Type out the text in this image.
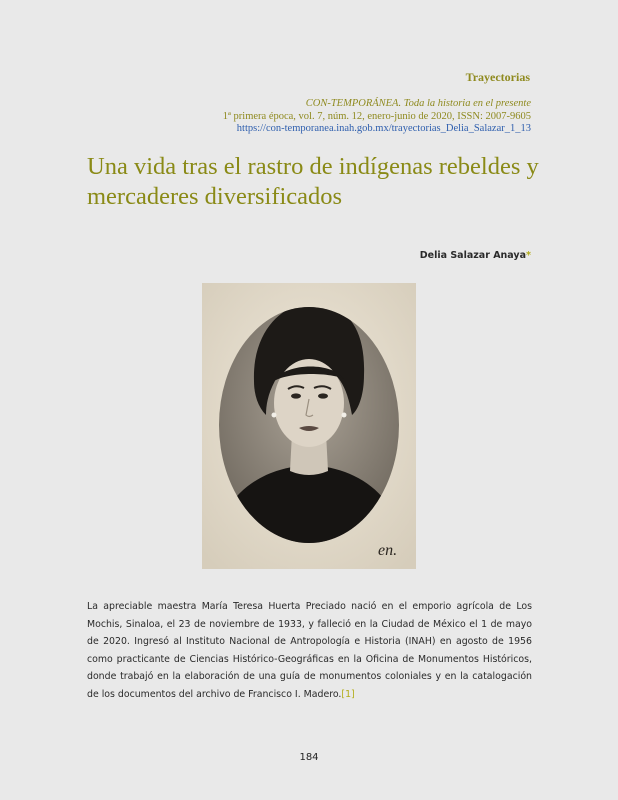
Trayectorias
CON-TEMPORÁNEA. Toda la historia en el presente
1ª primera época, vol. 7, núm. 12, enero-junio de 2020, ISSN: 2007-9605
https://con-temporanea.inah.gob.mx/trayectorias_Delia_Salazar_1_13
Una vida tras el rastro de indígenas rebeldes y mercaderes diversificados
Delia Salazar Anaya*
en.

La apreciable maestra María Teresa Huerta Preciado nació en el emporio agrícola de Los Mochis, Sinaloa, el 23 de noviembre de 1933, y falleció en la Ciudad de México el 1 de mayo de 2020. Ingresó al Instituto Nacional de Antropología e Historia (INAH) en agosto de 1956 como practicante de Ciencias Histórico-Geográficas en la Oficina de Monumentos Históricos, donde trabajó en la elaboración de una guía de monumentos coloniales y en la catalogación de los documentos del archivo de Francisco I. Madero.[1]

184
